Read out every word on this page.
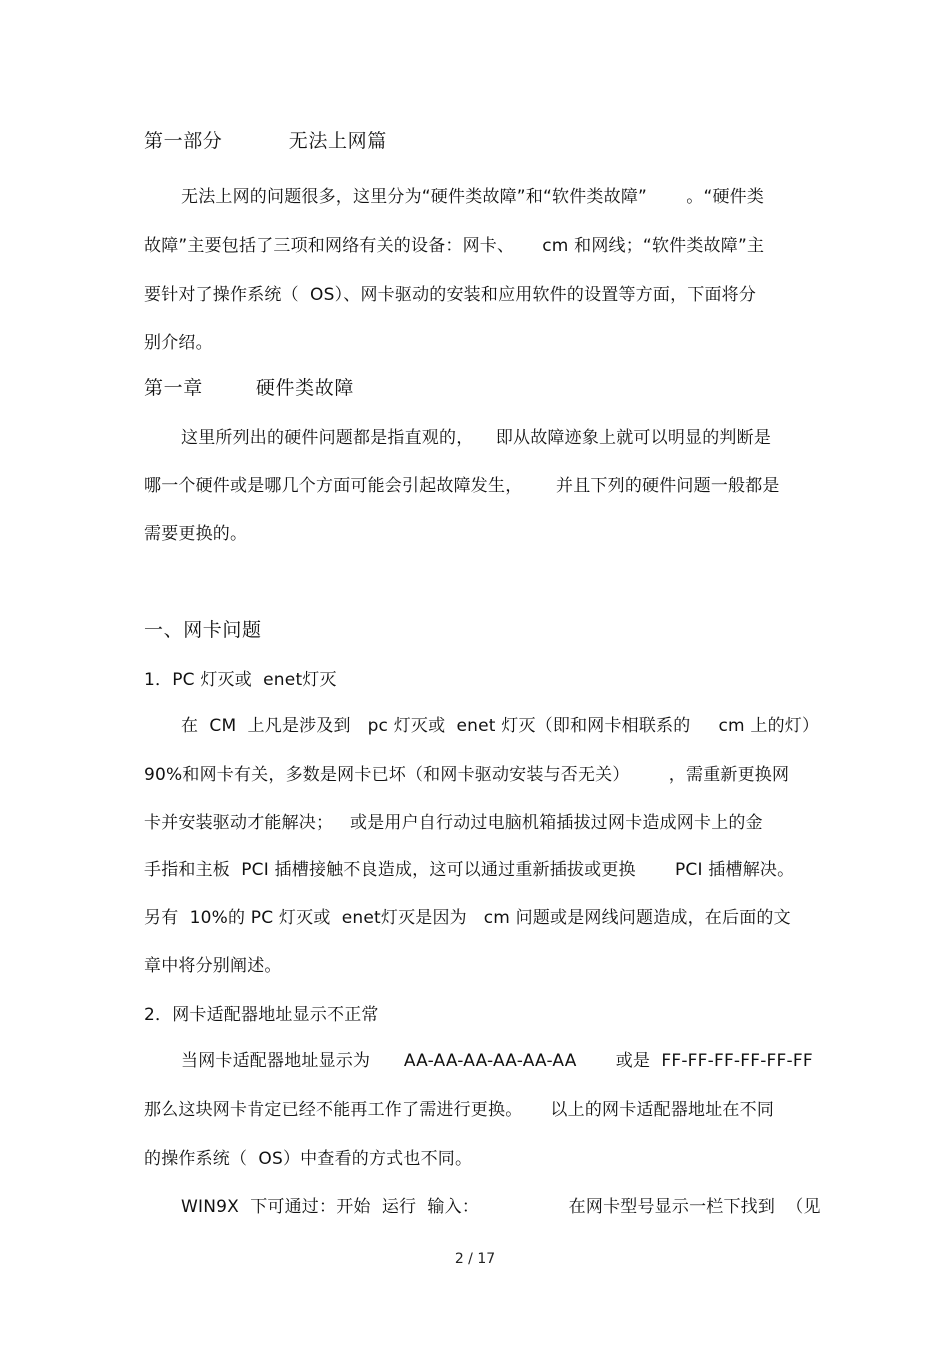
第一部分          无法上网篇
无法上网的问题很多，这里分为“硬件类故障”和“软件类故障”       。“硬件类
故障”主要包括了三项和网络有关的设备：网卡、     cm 和网线；“软件类故障”主
要针对了操作系统（  OS）、网卡驱动的安装和应用软件的设置等方面，下面将分
别介绍。
第一章        硬件类故障
这里所列出的硬件问题都是指直观的，    即从故障迹象上就可以明显的判断是
哪一个硬件或是哪几个方面可能会引起故障发生，      并且下列的硬件问题一般都是
需要更换的。
一、网卡问题
1．PC 灯灭或  enet灯灭
在  CM  上凡是涉及到   pc 灯灭或  enet 灯灭（即和网卡相联系的     cm 上的灯）
90%和网卡有关，多数是网卡已坏（和网卡驱动安装与否无关）       ，需重新更换网
卡并安装驱动才能解决；   或是用户自行动过电脑机箱插拔过网卡造成网卡上的金
手指和主板  PCI 插槽接触不良造成，这可以通过重新插拔或更换       PCI 插槽解决。
另有  10%的 PC 灯灭或  enet灯灭是因为   cm 问题或是网线问题造成，在后面的文
章中将分别阐述。
2．网卡适配器地址显示不正常
当网卡适配器地址显示为      AA-AA-AA-AA-AA-AA       或是  FF-FF-FF-FF-FF-FF
那么这块网卡肯定已经不能再工作了需进行更换。     以上的网卡适配器地址在不同
的操作系统（  OS）中查看的方式也不同。
WIN9X  下可通过：开始  运行  输入：                在网卡型号显示一栏下找到  （见
2 / 17
